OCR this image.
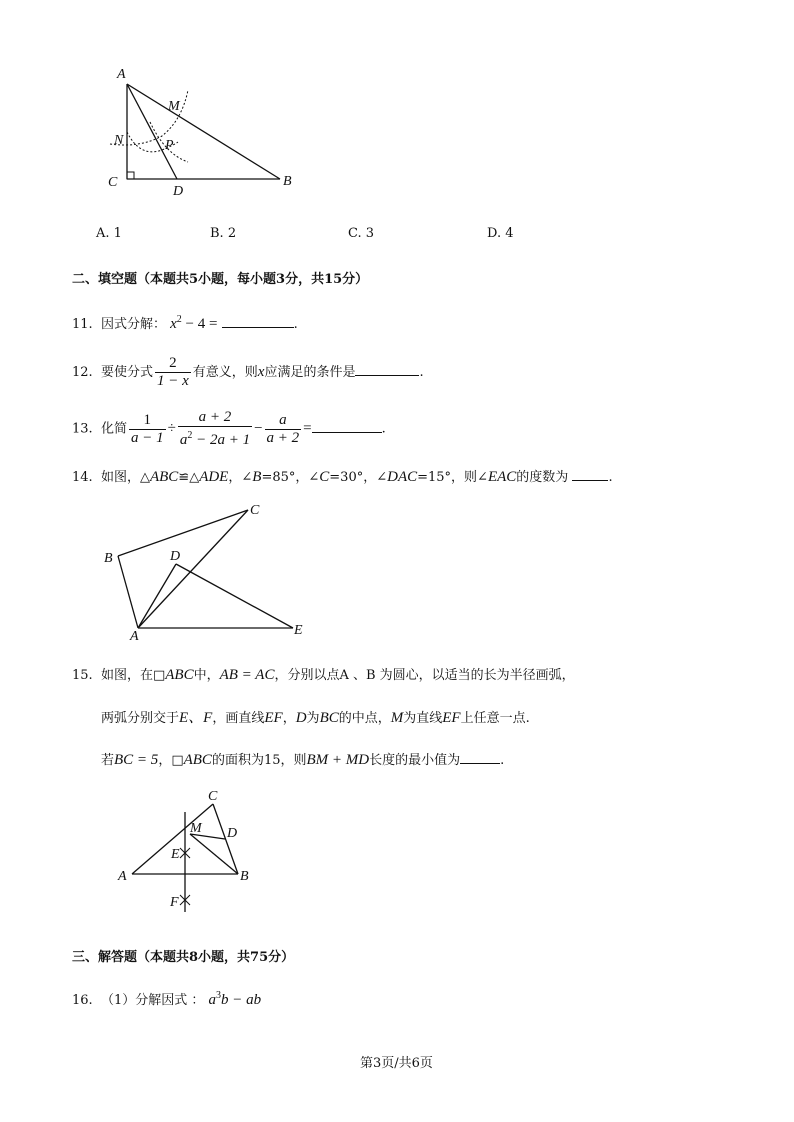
A
M
N	P
C
D
B
A. 1	B. 2	C. 3	D. 4
二、填空题（本题共5小题，每小题3分，共15分）
11. 因式分解： $x^2 - 4$ =	.
12. 要使分式 $\frac{2}{1 - x}$ 有意义，则x应满足的条件是	.
13. 化简 $\frac{1}{a - 1} \div \frac{a + 2}{a^2 - 2a + 1} - \frac{a}{a + 2}$ =	.
14. 如图，△ABC≌△ADE，∠B=85°，∠C=30°，∠DAC=15°，则∠EAC的度数为	.
B
C
D
A	E
15. 如图，在□ABC中，AB = AC，分别以点A 、B 为圆心，以适当的长为半径画弧，
两弧分别交于E、F，画直线EF，D为BC的中点，M为直线EF上任意一点.
若BC = 5，□ABC的面积为15，则BM + MD长度的最小值为	.
C
M D
E
A	B
F
三、解答题（本题共8小题，共75分）
16. （1）分解因式 ： $a^3b$ − ab
第3页/共6页
